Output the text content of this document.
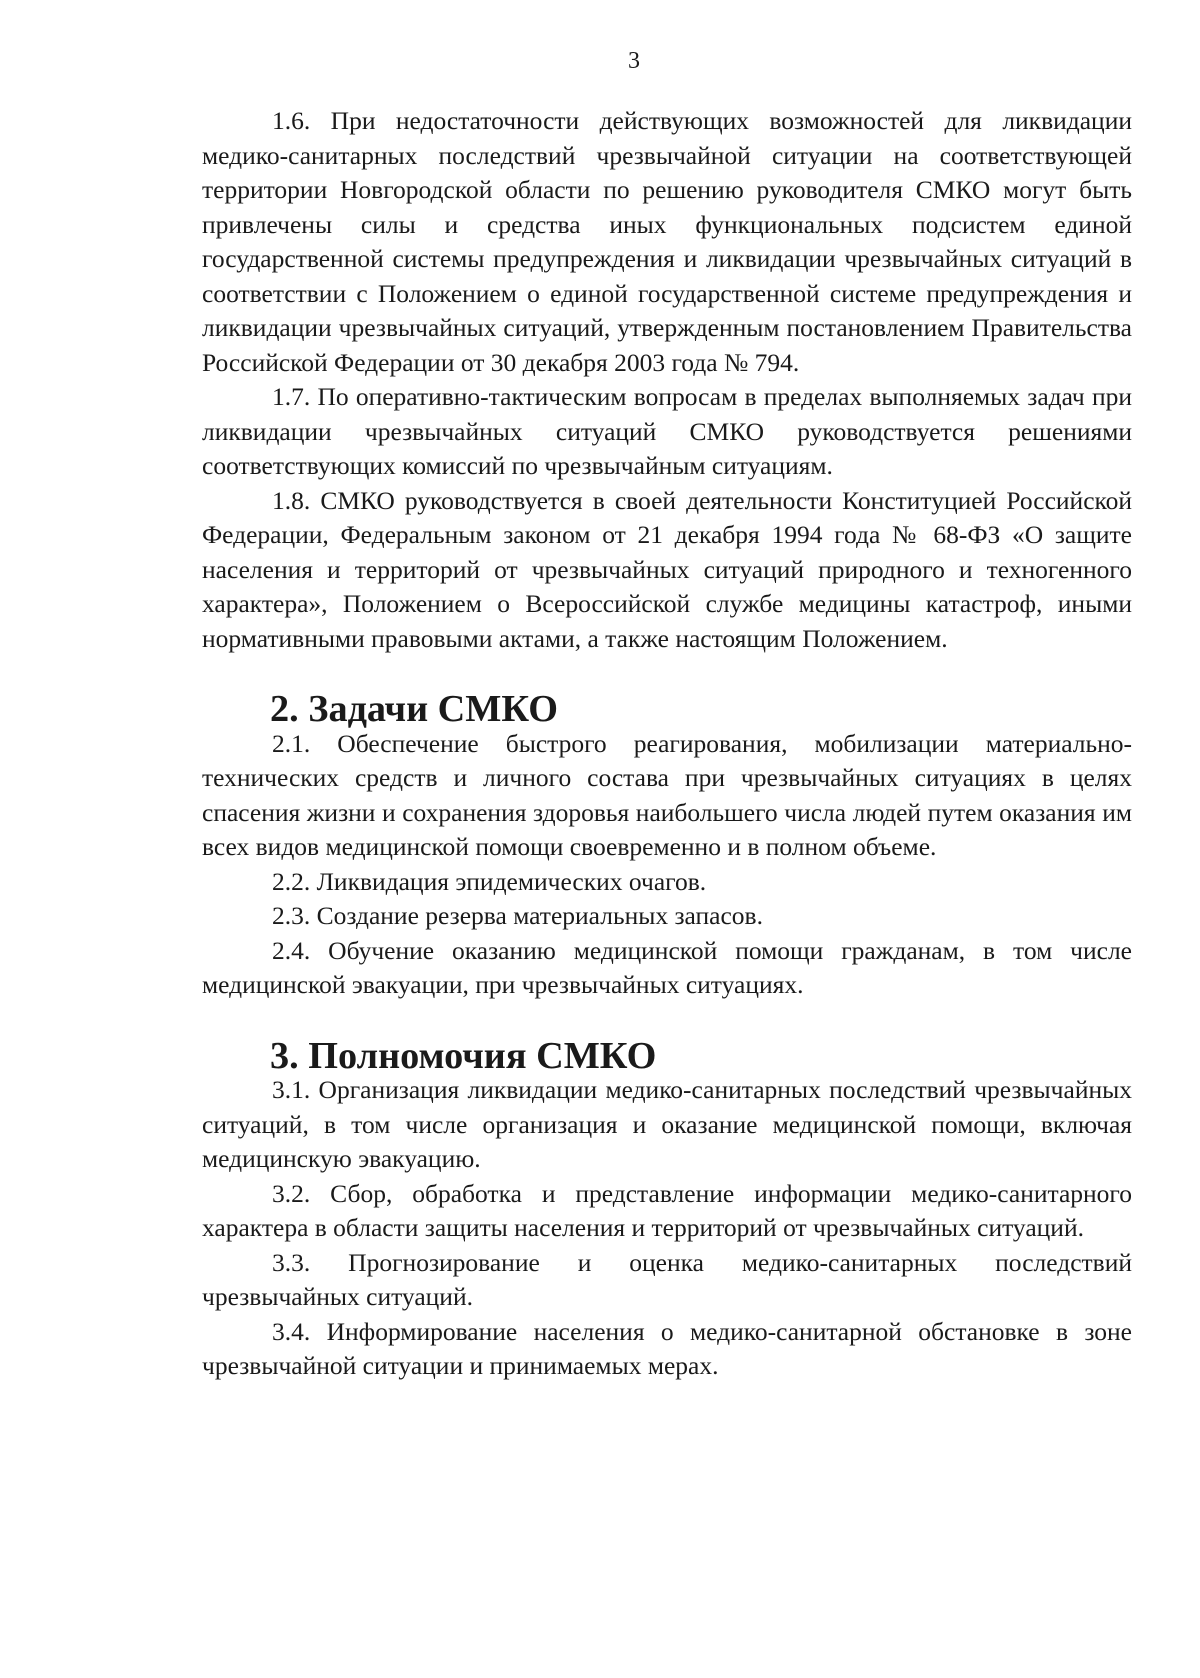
3

1.6. При недостаточности действующих возможностей для ликвидации медико-санитарных последствий чрезвычайной ситуации на соответствующей территории Новгородской области по решению руководителя СМКО могут быть привлечены силы и средства иных функциональных подсистем единой государственной системы предупреждения и ликвидации чрезвычайных ситуаций в соответствии с Положением о единой государственной системе предупреждения и ликвидации чрезвычайных ситуаций, утвержденным постановлением Правительства Российской Федерации от 30 декабря 2003 года № 794.

1.7. По оперативно-тактическим вопросам в пределах выполняемых задач при ликвидации чрезвычайных ситуаций СМКО руководствуется решениями соответствующих комиссий по чрезвычайным ситуациям.

1.8. СМКО руководствуется в своей деятельности Конституцией Российской Федерации, Федеральным законом от 21 декабря 1994 года № 68-ФЗ «О защите населения и территорий от чрезвычайных ситуаций природного и техногенного характера», Положением о Всероссийской службе медицины катастроф, иными нормативными правовыми актами, а также настоящим Положением.

2. Задачи СМКО

2.1. Обеспечение быстрого реагирования, мобилизации материально-технических средств и личного состава при чрезвычайных ситуациях в целях спасения жизни и сохранения здоровья наибольшего числа людей путем оказания им всех видов медицинской помощи своевременно и в полном объеме.

2.2. Ликвидация эпидемических очагов.

2.3. Создание резерва материальных запасов.

2.4. Обучение оказанию медицинской помощи гражданам, в том числе медицинской эвакуации, при чрезвычайных ситуациях.

3. Полномочия СМКО

3.1. Организация ликвидации медико-санитарных последствий чрезвычайных ситуаций, в том числе организация и оказание медицинской помощи, включая медицинскую эвакуацию.

3.2. Сбор, обработка и представление информации медико-санитарного характера в области защиты населения и территорий от чрезвычайных ситуаций.

3.3. Прогнозирование и оценка медико-санитарных последствий чрезвычайных ситуаций.

3.4. Информирование населения о медико-санитарной обстановке в зоне чрезвычайной ситуации и принимаемых мерах.
